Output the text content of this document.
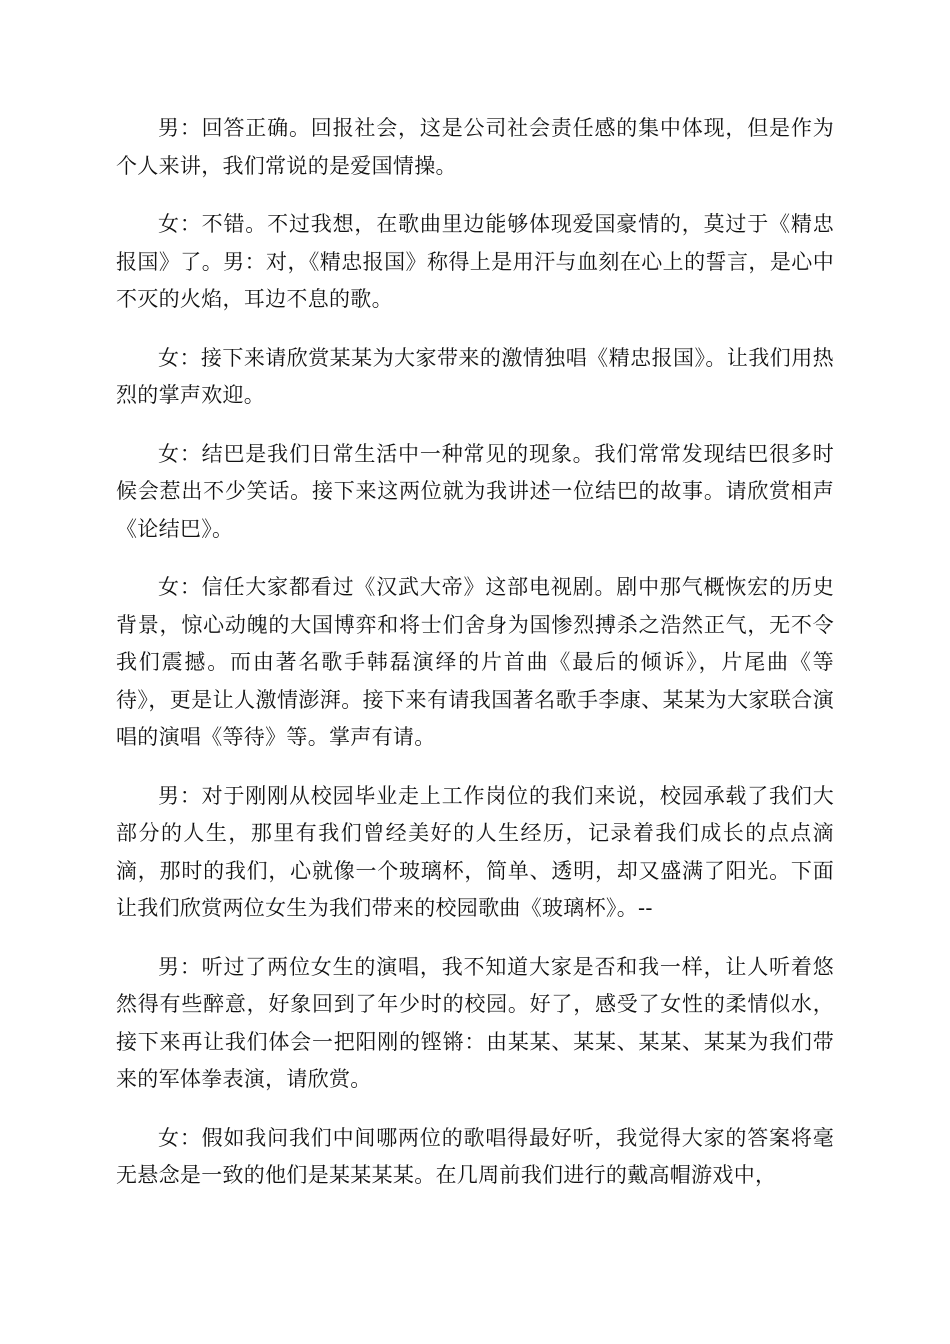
男：回答正确。回报社会，这是公司社会责任感的集中体现，但是作为个人来讲，我们常说的是爱国情操。

女：不错。不过我想，在歌曲里边能够体现爱国豪情的，莫过于《精忠报国》了。男：对，《精忠报国》称得上是用汗与血刻在心上的誓言，是心中不灭的火焰，耳边不息的歌。

女：接下来请欣赏某某为大家带来的激情独唱《精忠报国》。让我们用热烈的掌声欢迎。

女：结巴是我们日常生活中一种常见的现象。我们常常发现结巴很多时候会惹出不少笑话。接下来这两位就为我讲述一位结巴的故事。请欣赏相声《论结巴》。

女：信任大家都看过《汉武大帝》这部电视剧。剧中那气概恢宏的历史背景，惊心动魄的大国博弈和将士们舍身为国惨烈搏杀之浩然正气，无不令我们震撼。而由著名歌手韩磊演绎的片首曲《最后的倾诉》，片尾曲《等待》，更是让人激情澎湃。接下来有请我国著名歌手李康、某某为大家联合演唱的演唱《等待》等。掌声有请。

男：对于刚刚从校园毕业走上工作岗位的我们来说，校园承载了我们大部分的人生，那里有我们曾经美好的人生经历，记录着我们成长的点点滴滴，那时的我们，心就像一个玻璃杯，简单、透明，却又盛满了阳光。下面让我们欣赏两位女生为我们带来的校园歌曲《玻璃杯》。--

男：听过了两位女生的演唱，我不知道大家是否和我一样，让人听着悠然得有些醉意，好象回到了年少时的校园。好了，感受了女性的柔情似水，接下来再让我们体会一把阳刚的铿锵：由某某、某某、某某、某某为我们带来的军体拳表演，请欣赏。

女：假如我问我们中间哪两位的歌唱得最好听，我觉得大家的答案将毫无悬念是一致的他们是某某某某。在几周前我们进行的戴高帽游戏中，
